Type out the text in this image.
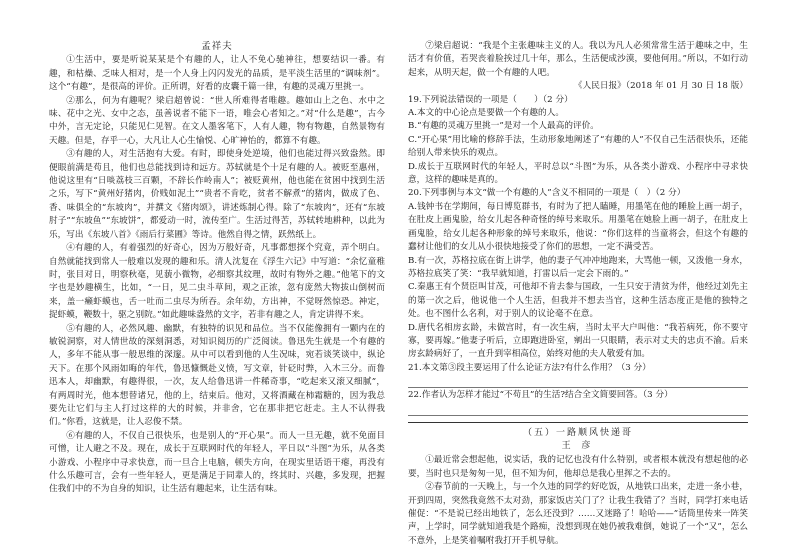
孟祥夫

①生活中，要是听说某某是个有趣的人，让人不免心驰神往，想要结识一番。有趣，和枯燥、乏味人相对，是一个人身上闪闪发光的品质，是平淡生活里的“调味剂”。这个“有趣”，是很高的评价。正所谓，好看的皮囊千篇一律，有趣的灵魂万里挑一。

②那么，何为有趣呢？梁启超曾说：“世人所难得者唯趣。趣如山上之色、水中之味、花中之光、女中之态，虽善说者不能下一语，唯会心者知之。”对“什么是趣”，古今中外，言无定论，只能见仁见智。在文人墨客笔下，人有人趣，物有物趣，自然景物有天趣。但是，存乎一心，大凡让人心生愉悦、心旷神怡的，都算不有趣。

③有趣的人，对生活抱有大爱。有时，即使身处逆境，他们也能过得兴致盎然。即便眼前满是苟且，他们也总能找到诗和远方。苏轼就是个十足有趣的人。被贬至惠州，他说这里有“日啖荔枝三百颗，不辞长作岭南人”；被贬黄州，他也能在贫困中找到生活之乐，写下“黄州好猪肉，价贱如泥土”“贵者不肯吃，贫者不解煮”的猪肉，做成了色、香、味俱全的“东坡肉”，并撰文《猪肉颂》，讲述炼制心得。除了“东坡肉”，还有“东坡肘子”“东坡鱼”“东坡饼”，都爱动一时，流传至广。生活过得苦，苏轼转地耕种，以此为乐，写出《东坡八首》《雨后行菜圃》等诗。他然自得之情，跃然纸上。

④有趣的人，有着强烈的好奇心，因为万般好奇，凡事都想探个究竟，弄个明白。自然就能找到常人一般难以发现的趣和乐。清人沈复在《浮生六记》中写道：“余忆童稚时，张目对日，明察秋毫，见藐小微物，必细察其纹理，故时有物外之趣。”他笔下的文字也是妙趣横生，比如，“一日，见二虫斗草间，观之正浓，忽有庞然大物拔山倒树而来，盖一癞虾蟆也，舌一吐而二虫尽为所吞。余年幼，方出神，不觉呀然惊恐。神定，捉虾蟆，鞭数十，驱之别院。”如此趣味盎然的文字，若非有趣之人，肯定讲得不来。

⑤有趣的人，必然风趣、幽默，有独特的识见和品位。当不仅能像拥有一颗内在的敏锐洞察，对人情世故的深刻洞悉，对知识阅历的广泛阅读。鲁迅先生就是一个有趣的人，多年不能从事一般思维的深邃。从中可以看到他的人生况味，宛若谈笑谈中，纵论天下。在那个风雨如晦的年代，鲁迅慷慨赴义愤，写文章，针砭时弊，入木三分。而鲁迅本人，却幽默，有趣得很，一次，友人给鲁迅讲一件稀奇事，“吃起来又滚又细腻”，有两周时光，他本想替诸兄，他的上，结束后。他对，又将酒藏在柿霜糖的，因为我总要先让它们与主人打过这样的大的时候，并非舍，它在那非把它赶走。主人不认得我们。”你看，这就是，让人忍俊不禁。

⑥有趣的人，不仅自己很快乐，也是别人的“开心果”。而人一旦无趣，就不免面目可憎，让人避之不及。现在，成长于互联网时代的年轻人，平日以“斗图”为乐，从各类小游戏、小程序中寻求快意，而一旦合上电脑，顿失方向，在现实里话语干瘪，再没有什么乐趣可言，会有一些年轻人，更是满足于同辈人的，终其时、兴趣，多发现，把握住我们中的不为自身的知识，让生活有趣起来，让生活有味。

⑦梁启超说：“我是个主张趣味主义的人。我以为凡人必须常常生活于趣味之中，生活才有价值，若哭丧着脸挨过几十年，那么，生活便成沙漠，要他何用。”所以，不如行动起来，从明天起，做一个有趣的人吧。

《人民日报》（2018 年 01 月 30 日 18 版）
19.下列说法错误的一项是（　　）（2 分）
A.本文的中心论点是要做一个有趣的人。
B.“有趣的灵魂万里挑一”是对一个人最高的评价。
C.“开心果”用比喻的修辞手法，生动形象地阐述了“有趣的人”不仅自己生活很快乐，还能给别人带来快乐的观点。
D.成长于互联网时代的年轻人，平时总以“斗图”为乐，从各类小游戏、小程序中寻求快意，这样的趣味是真的。
20.下列事例与本文“做一个有趣的人”含义不相同的一项是（　）（2 分）
A.钱钟书在学期间，每日博览群书，有时为了把人瞌睡，用墨笔在他的睡脸上画一胡子，在肚皮上画鬼脸，给女儿起各种奇怪的绰号来取乐。用墨笔在她脸上画一胡子，在肚皮上画鬼脸，给女儿起各种形象的绰号来取乐，他说：“你们这样的当童将会，但这个有趣的蠢材让他们的女儿从小很快地接受了你们的思想，一定不满受苦。
B.有一次，苏格拉底在街上讲学，他的妻子气冲冲地跑来，大骂他一顿，又泼他一身水，苏格拉底笑了笑：“我早就知道，打雷以后一定会下雨的。”
C.秦惠王有个贤臣叫甘茂，可他却不肯去参与国政，一生只安于清贫为伴，他经过刘先主的第一次之后，他说他一个人生活，但我并不想去当官，这种生活态度正是他的独特之处。也不图什么名利，对于别人的议论毫不在意。
D.唐代名相房玄龄，未做宫时，有一次生病，当时太平大户叫他：“我若病死，你不要守寡，要再嫁。”他妻子听后，立即跑进卧室，剜出一只眼睛，表示对丈夫的忠贞不渝。后来房玄龄病好了，一直升到宰相高位，始终对他的夫人敬爱有加。
21.本文第③段主要运用了什么论证方法?有什么作用？（3 分）
22.作者认为怎样才能过“不苟且”的生活?结合全文简要回答。（3 分）
（五）一路顺风快递哥
王 彦

①最近常会想起他，说实话，我的记忆也没有什么特别，或者根本就没有想起他的必要，当时也只是匆匆一见，但不知为何，他却总是我心里挥之不去的。

②春节前的一天晚上，与一个久违的同学约好吃饭，从地铁口出来，走进一条小巷，开到四周，突然我竟然不太对劲，那家饭店关门了？让我生我错了？当时，同学打来电话催促：“不是说已经出地铁了，怎么还没到？……又迷路了！哈哈——”话筒里传来一阵笑声，上学时，同学就知道我是个路痴，没想到现在她仍被我难倒，她说了一个“又”，怎么不意外，上是笑着嘱咐我打开手机导航。
